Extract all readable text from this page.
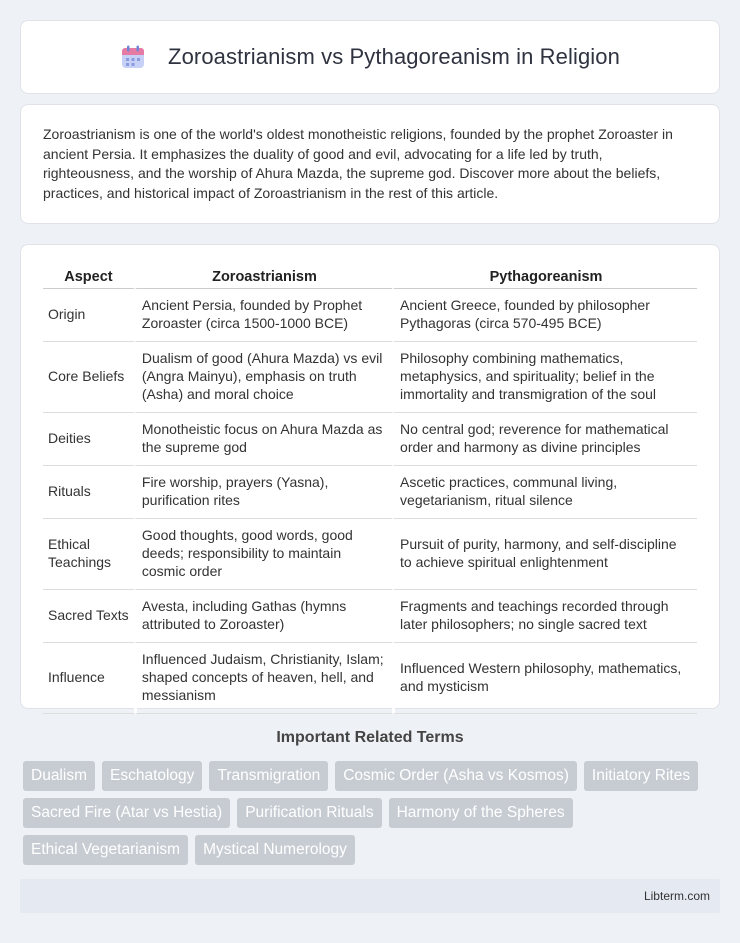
Zoroastrianism vs Pythagoreanism in Religion

Zoroastrianism is one of the world's oldest monotheistic religions, founded by the prophet Zoroaster in ancient Persia. It emphasizes the duality of good and evil, advocating for a life led by truth, righteousness, and the worship of Ahura Mazda, the supreme god. Discover more about the beliefs, practices, and historical impact of Zoroastrianism in the rest of this article.

Aspect	Zoroastrianism	Pythagoreanism
Origin	Ancient Persia, founded by Prophet Zoroaster (circa 1500-1000 BCE)	Ancient Greece, founded by philosopher Pythagoras (circa 570-495 BCE)
Core Beliefs	Dualism of good (Ahura Mazda) vs evil (Angra Mainyu), emphasis on truth (Asha) and moral choice	Philosophy combining mathematics, metaphysics, and spirituality; belief in the immortality and transmigration of the soul
Deities	Monotheistic focus on Ahura Mazda as the supreme god	No central god; reverence for mathematical order and harmony as divine principles
Rituals	Fire worship, prayers (Yasna), purification rites	Ascetic practices, communal living, vegetarianism, ritual silence
Ethical Teachings	Good thoughts, good words, good deeds; responsibility to maintain cosmic order	Pursuit of purity, harmony, and self-discipline to achieve spiritual enlightenment
Sacred Texts	Avesta, including Gathas (hymns attributed to Zoroaster)	Fragments and teachings recorded through later philosophers; no single sacred text
Influence	Influenced Judaism, Christianity, Islam; shaped concepts of heaven, hell, and messianism	Influenced Western philosophy, mathematics, and mysticism
Important Related Terms
Dualism	Eschatology	Transmigration	Cosmic Order (Asha vs Kosmos)	Initiatory Rites
Sacred Fire (Atar vs Hestia)	Purification Rituals	Harmony of the Spheres
Ethical Vegetarianism	Mystical Numerology
Libterm.com
